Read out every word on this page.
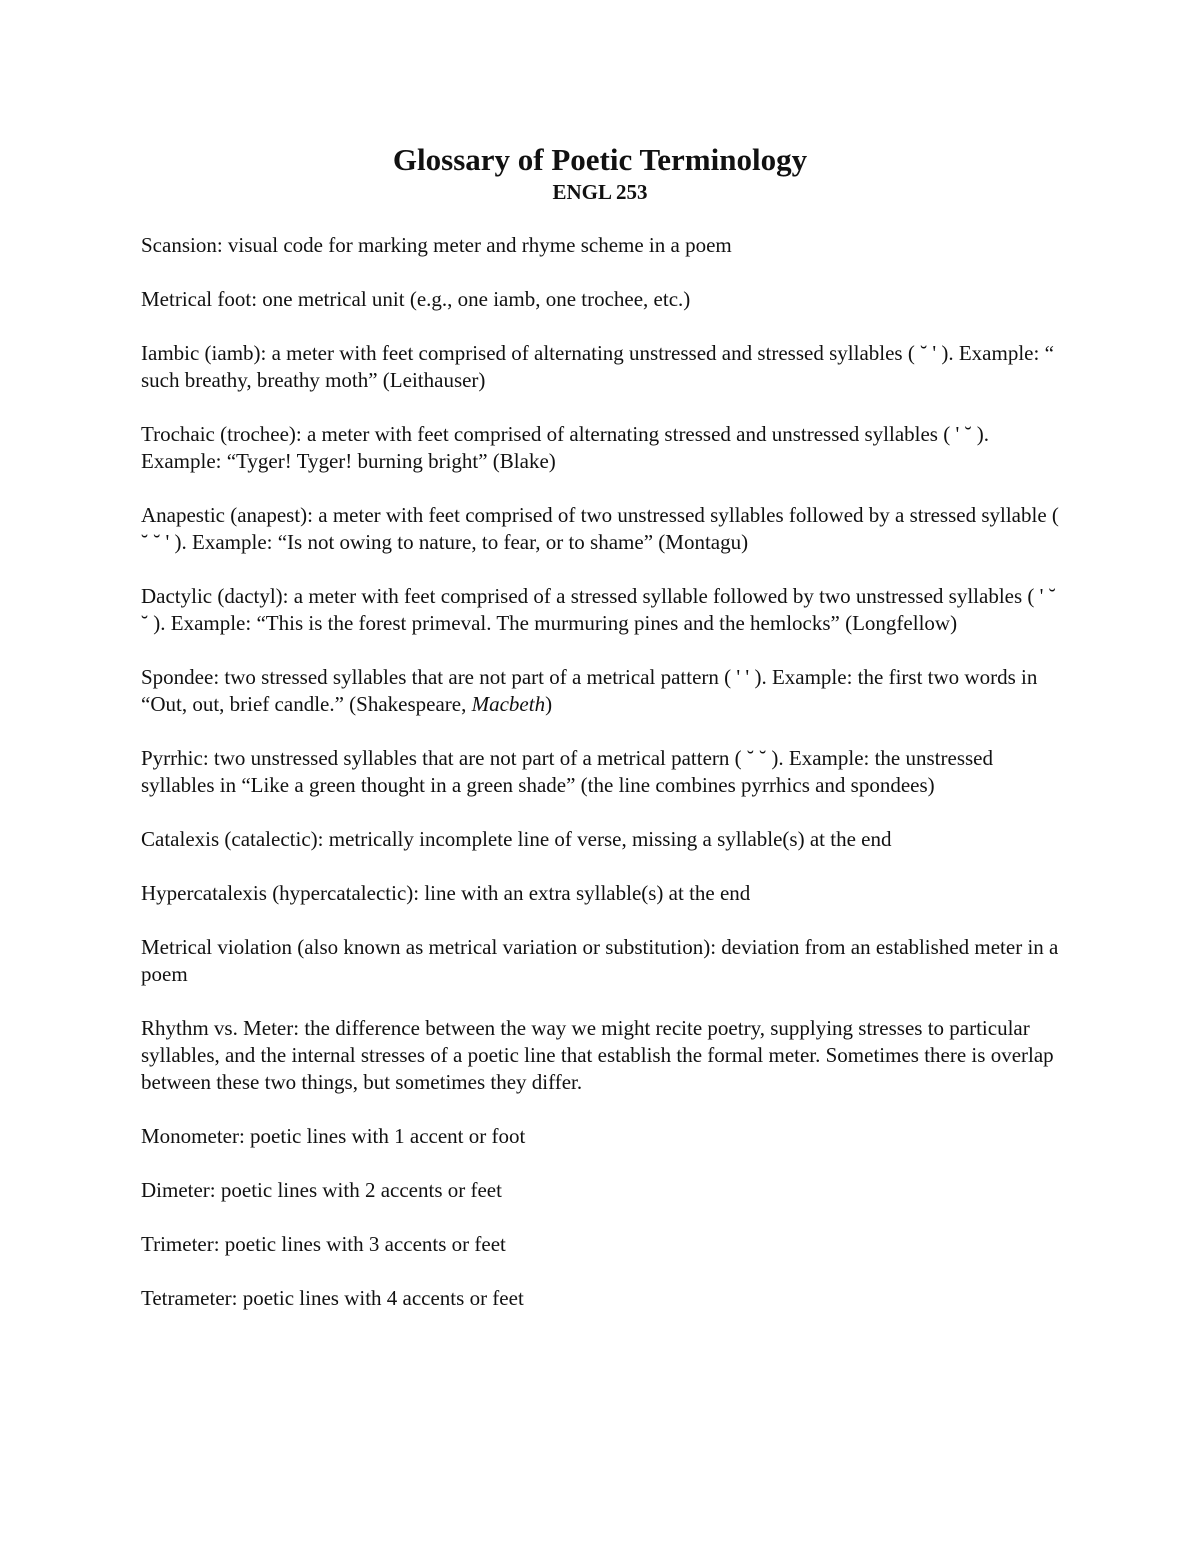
Glossary of Poetic Terminology
ENGL 253
Scansion: visual code for marking meter and rhyme scheme in a poem
Metrical foot: one metrical unit (e.g., one iamb, one trochee, etc.)
Iambic (iamb): a meter with feet comprised of alternating unstressed and stressed syllables ( ˘ ' ). Example: “ such breathy, breathy moth” (Leithauser)
Trochaic (trochee): a meter with feet comprised of alternating stressed and unstressed syllables ( ' ˘ ). Example: “Tyger! Tyger! burning bright” (Blake)
Anapestic (anapest): a meter with feet comprised of two unstressed syllables followed by a stressed syllable ( ˘ ˘ ' ). Example: “Is not owing to nature, to fear, or to shame” (Montagu)
Dactylic (dactyl): a meter with feet comprised of a stressed syllable followed by two unstressed syllables ( ' ˘ ˘ ). Example: “This is the forest primeval. The murmuring pines and the hemlocks” (Longfellow)
Spondee: two stressed syllables that are not part of a metrical pattern ( ' ' ). Example: the first two words in “Out, out, brief candle.” (Shakespeare, Macbeth)
Pyrrhic: two unstressed syllables that are not part of a metrical pattern ( ˘ ˘ ). Example: the unstressed syllables in “Like a green thought in a green shade” (the line combines pyrrhics and spondees)
Catalexis (catalectic): metrically incomplete line of verse, missing a syllable(s) at the end
Hypercatalexis (hypercatalectic): line with an extra syllable(s) at the end
Metrical violation (also known as metrical variation or substitution): deviation from an established meter in a poem
Rhythm vs. Meter: the difference between the way we might recite poetry, supplying stresses to particular syllables, and the internal stresses of a poetic line that establish the formal meter. Sometimes there is overlap between these two things, but sometimes they differ.
Monometer: poetic lines with 1 accent or foot
Dimeter: poetic lines with 2 accents or feet
Trimeter: poetic lines with 3 accents or feet
Tetrameter: poetic lines with 4 accents or feet
